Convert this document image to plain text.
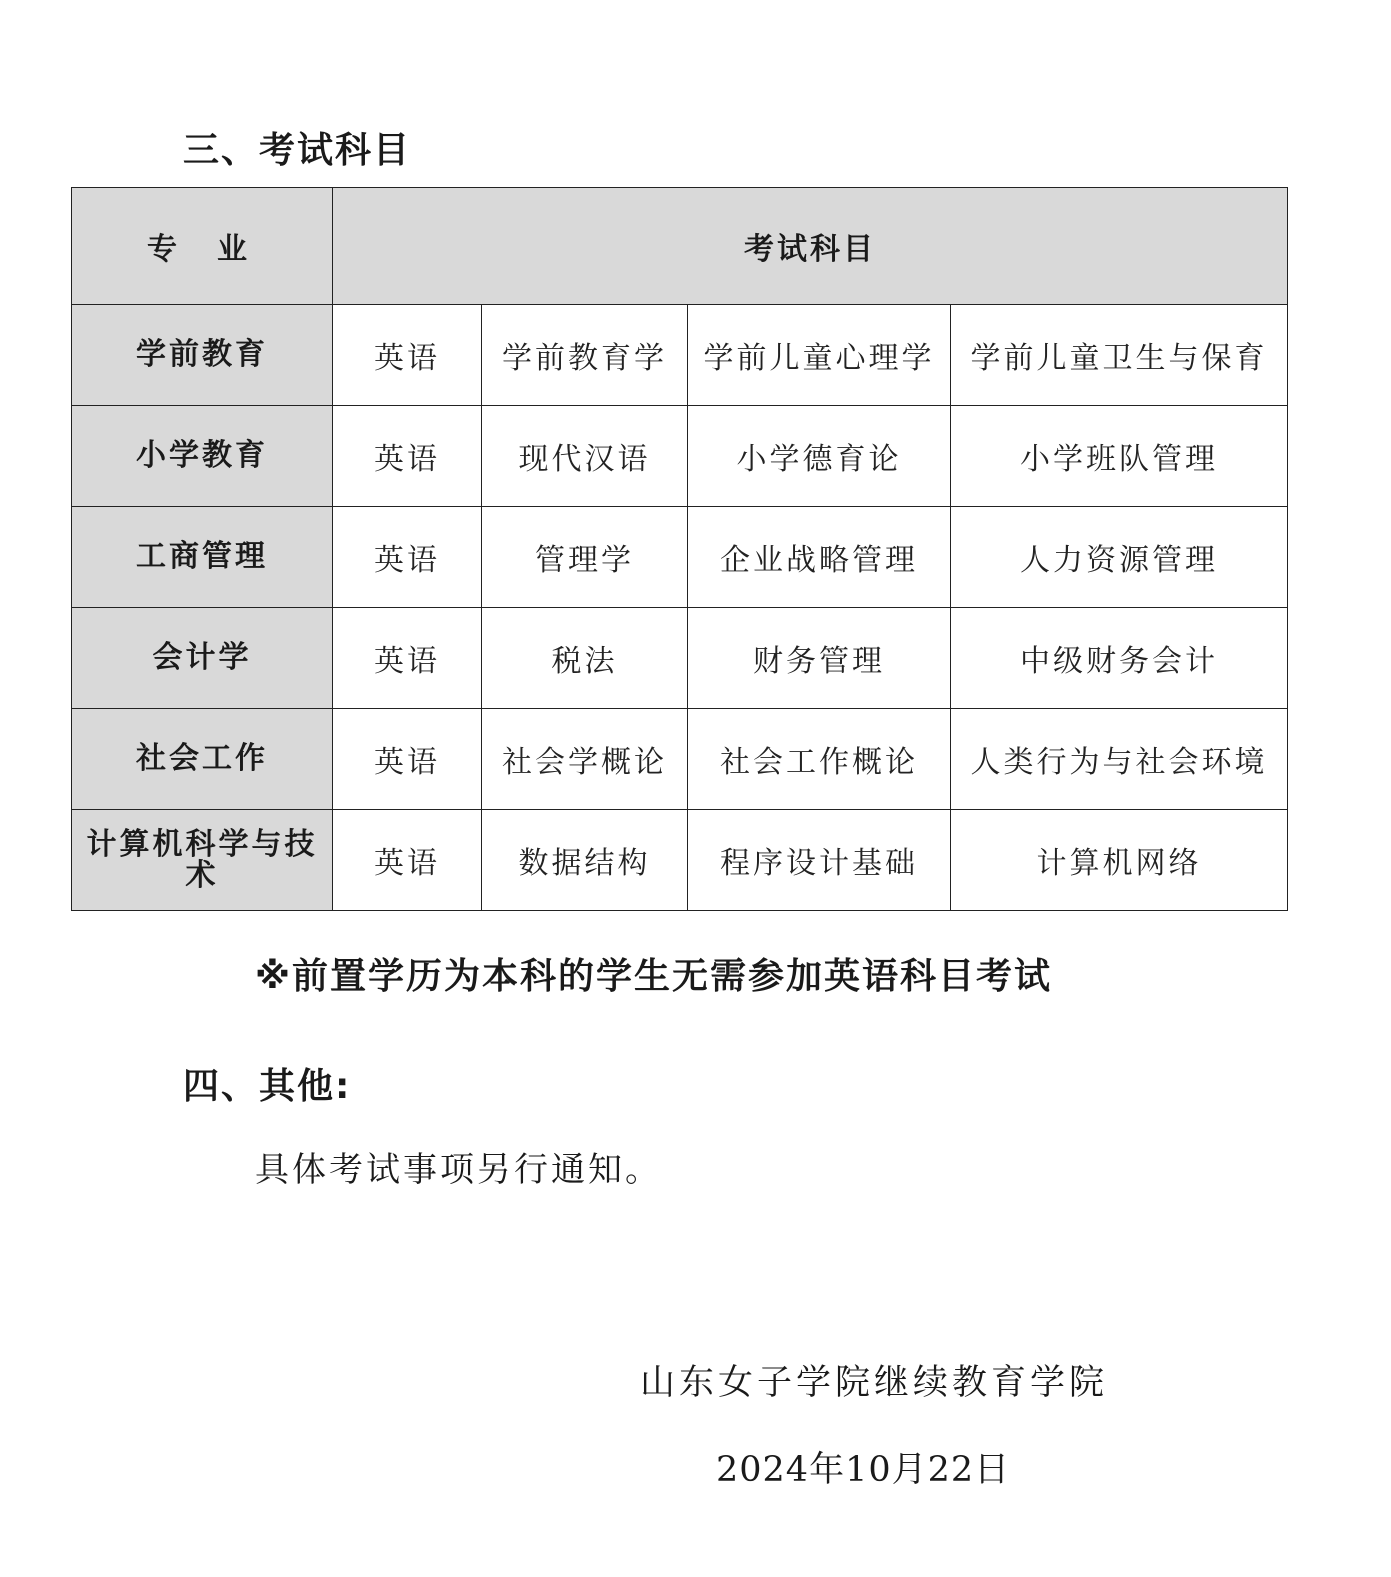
三、考试科目
专业	考试科目			
学前教育	英语	学前教育学	学前儿童心理学	学前儿童卫生与保育
小学教育	英语	现代汉语	小学德育论	小学班队管理
工商管理	英语	管理学	企业战略管理	人力资源管理
会计学	英语	税法	财务管理	中级财务会计
社会工作	英语	社会学概论	社会工作概论	人类行为与社会环境
计算机科学与技术	英语	数据结构	程序设计基础	计算机网络

※前置学历为本科的学生无需参加英语科目考试

四、其他:

具体考试事项另行通知。

山东女子学院继续教育学院

2024年10月22日
